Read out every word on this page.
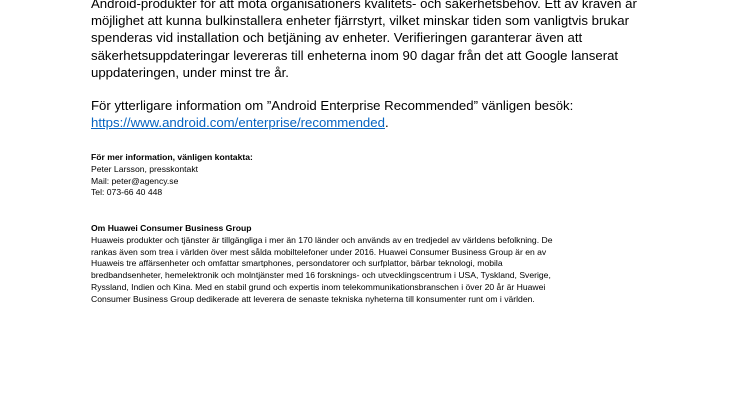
Android-produkter för att möta organisationers kvalitets- och säkerhetsbehov. Ett av kraven är

möjlighet att kunna bulkinstallera enheter fjärrstyrt, vilket minskar tiden som vanligtvis brukar

spenderas vid installation och betjäning av enheter. Verifieringen garanterar även att

säkerhetsuppdateringar levereras till enheterna inom 90 dagar från det att Google lanserat

uppdateringen, under minst tre år.

För ytterligare information om ”Android Enterprise Recommended” vänligen besök:

https://www.android.com/enterprise/recommended.

För mer information, vänligen kontakta:

Peter Larsson, presskontakt

Mail: peter@agency.se

Tel: 073-66 40 448

Om Huawei Consumer Business Group

Huaweis produkter och tjänster är tillgängliga i mer än 170 länder och används av en tredjedel av världens befolkning. De

rankas även som trea i världen över mest sålda mobiltelefoner under 2016. Huawei Consumer Business Group är en av

Huaweis tre affärsenheter och omfattar smartphones, persondatorer och surfplattor, bärbar teknologi, mobila

bredbandsenheter, hemelektronik och molntjänster med 16 forsknings- och utvecklingscentrum i USA, Tyskland, Sverige,

Ryssland, Indien och Kina. Med en stabil grund och expertis inom telekommunikationsbranschen i över 20 år är Huawei

Consumer Business Group dedikerade att leverera de senaste tekniska nyheterna till konsumenter runt om i världen.
